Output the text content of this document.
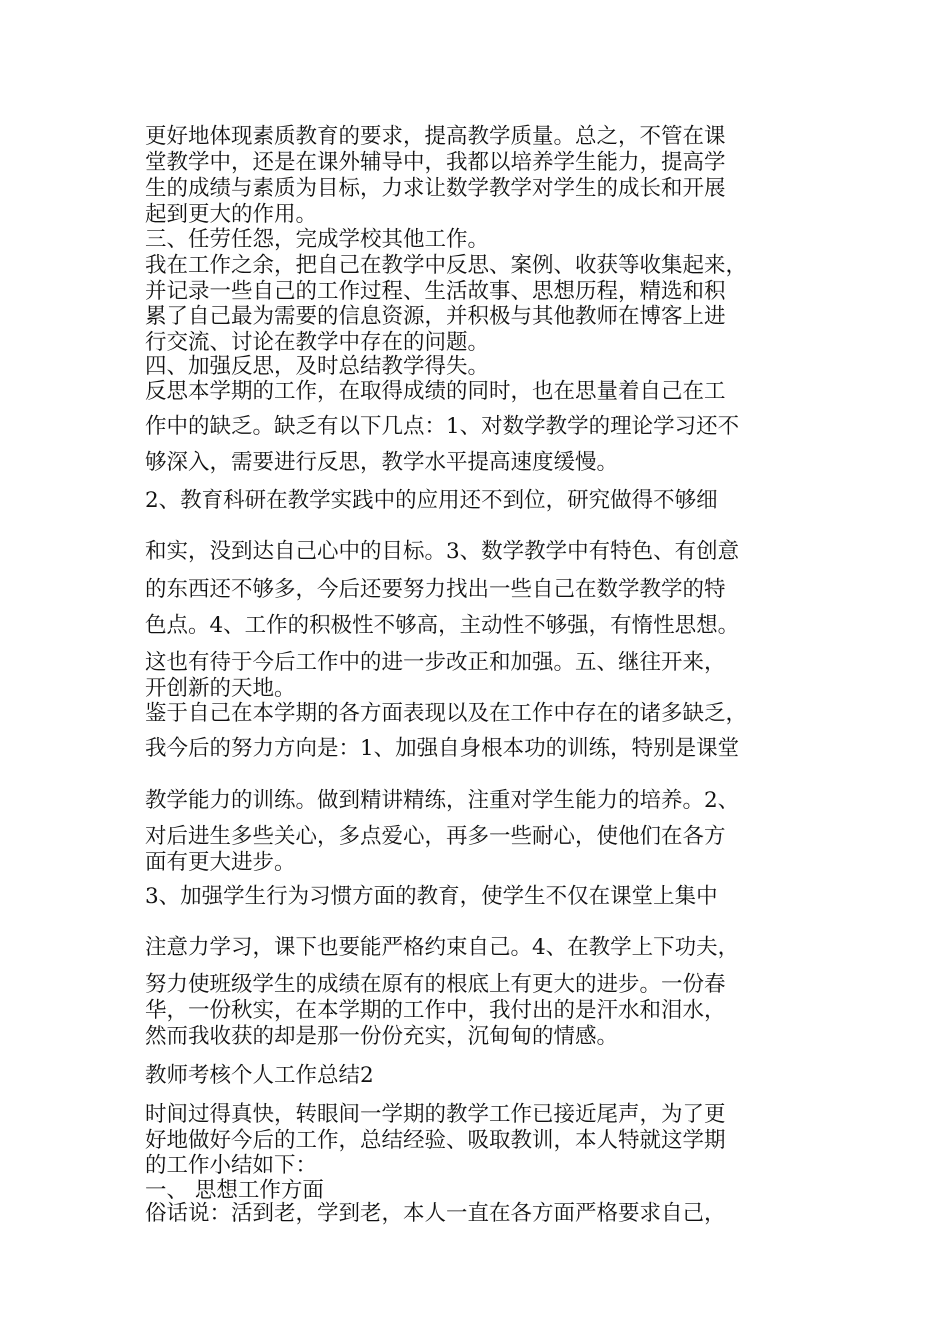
更好地体现素质教育的要求，提高教学质量。总之，不管在课
堂教学中，还是在课外辅导中，我都以培养学生能力，提高学
生的成绩与素质为目标，力求让数学教学对学生的成长和开展
起到更大的作用。
三、任劳任怨，完成学校其他工作。
我在工作之余，把自己在教学中反思、案例、收获等收集起来，
并记录一些自己的工作过程、生活故事、思想历程，精选和积
累了自己最为需要的信息资源，并积极与其他教师在博客上进
行交流、讨论在教学中存在的问题。
四、加强反思，及时总结教学得失。
反思本学期的工作，在取得成绩的同时，也在思量着自己在工
作中的缺乏。缺乏有以下几点：1、对数学教学的理论学习还不
够深入，需要进行反思，教学水平提高速度缓慢。
2、教育科研在教学实践中的应用还不到位，研究做得不够细
和实，没到达自己心中的目标。3、数学教学中有特色、有创意
的东西还不够多，今后还要努力找出一些自己在数学教学的特
色点。4、工作的积极性不够高，主动性不够强，有惰性思想。
这也有待于今后工作中的进一步改正和加强。五、继往开来，
开创新的天地。
鉴于自己在本学期的各方面表现以及在工作中存在的诸多缺乏，
我今后的努力方向是：1、加强自身根本功的训练，特别是课堂
教学能力的训练。做到精讲精练，注重对学生能力的培养。2、
对后进生多些关心，多点爱心，再多一些耐心，使他们在各方
面有更大进步。
3、加强学生行为习惯方面的教育，使学生不仅在课堂上集中
注意力学习，课下也要能严格约束自己。4、在教学上下功夫，
努力使班级学生的成绩在原有的根底上有更大的进步。一份春
华，一份秋实，在本学期的工作中，我付出的是汗水和泪水，
然而我收获的却是那一份份充实，沉甸甸的情感。
教师考核个人工作总结2
时间过得真快，转眼间一学期的教学工作已接近尾声，为了更
好地做好今后的工作，总结经验、吸取教训，本人特就这学期
的工作小结如下：
一、 思想工作方面
俗话说：活到老，学到老，本人一直在各方面严格要求自己，
